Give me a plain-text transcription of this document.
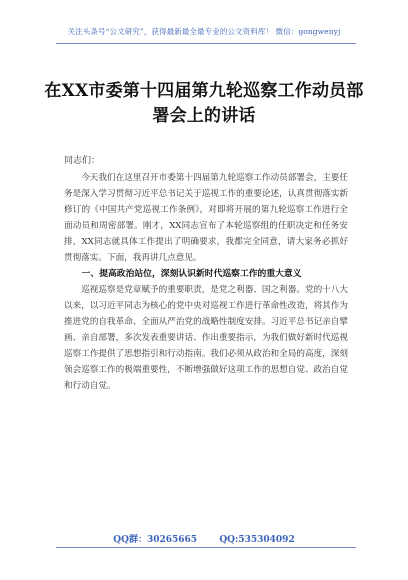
关注头条号“公文研究”，获得最新最全最专业的公文资料库！ 微信：gongwenyj
在XX市委第十四届第九轮巡察工作动员部署会上的讲话
同志们：

今天我们在这里召开市委第十四届第九轮巡察工作动员部署会，主要任务是深入学习贯彻习近平总书记关于巡视工作的重要论述，认真贯彻落实新修订的《中国共产党巡视工作条例》，对即将开展的第九轮巡察工作进行全面动员和周密部署。刚才，XX同志宣布了本轮巡察组的任职决定和任务安排，XX同志就具体工作提出了明确要求，我都完全同意，请大家务必抓好贯彻落实。下面，我再讲几点意见。

一、提高政治站位，深刻认识新时代巡察工作的重大意义

巡视巡察是党章赋予的重要职责，是党之利器、国之利器。党的十八大以来，以习近平同志为核心的党中央对巡视工作进行革命性改造，将其作为推进党的自我革命、全面从严治党的战略性制度安排。习近平总书记亲自擘画、亲自部署，多次发表重要讲话、作出重要指示，为我们做好新时代巡视巡察工作提供了思想指引和行动指南。我们必须从政治和全局的高度，深刻领会巡察工作的极端重要性，不断增强做好这项工作的思想自觉、政治自觉和行动自觉。

QQ群：30265665 QQ:535304092
